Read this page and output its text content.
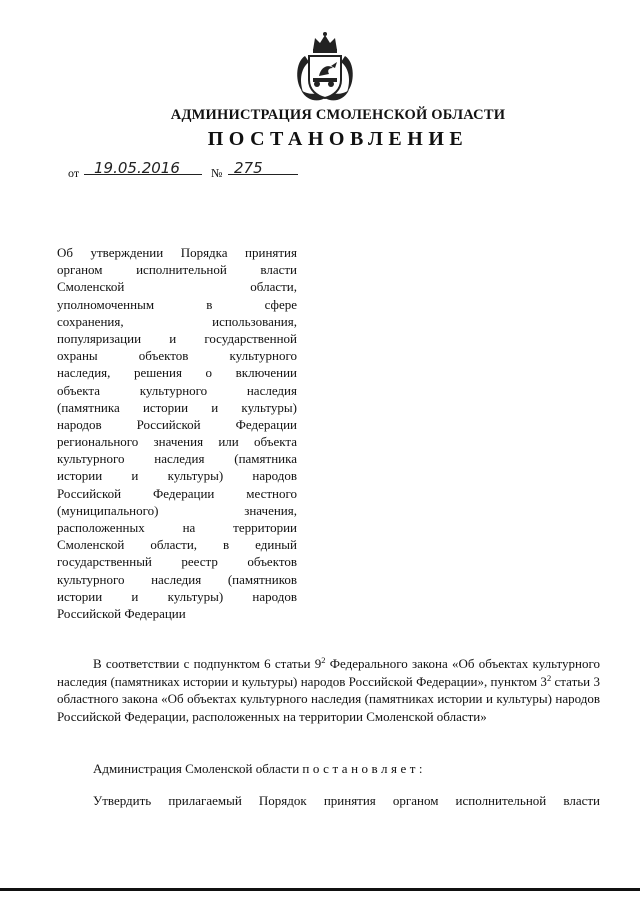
АДМИНИСТРАЦИЯ СМОЛЕНСКОЙ ОБЛАСТИ
ПОСТАНОВЛЕНИЕ
от 19.05.2016	№ 275
Об утверждении Порядка принятия
органом исполнительной власти
Смоленской области,
уполномоченным в сфере
сохранения, использования,
популяризации и государственной
охраны объектов культурного
наследия, решения о включении
объекта культурного наследия
(памятника истории и культуры)
народов Российской Федерации
регионального значения или объекта
культурного наследия (памятника
истории и культуры) народов
Российской Федерации местного
(муниципального) значения,
расположенных на территории
Смоленской области, в единый
государственный реестр объектов
культурного наследия (памятников
истории и культуры) народов
Российской Федерации
В соответствии с подпунктом 6 статьи $9^2$ Федерального закона «Об объектах культурного наследия (памятниках истории и культуры) народов Российской Федерации», пунктом $3^2$ статьи 3 областного закона «Об объектах культурного наследия (памятниках истории и культуры) народов Российской Федерации, расположенных на территории Смоленской области»
Администрация Смоленской области постановляет:
Утвердить прилагаемый Порядок принятия органом исполнительной власти
